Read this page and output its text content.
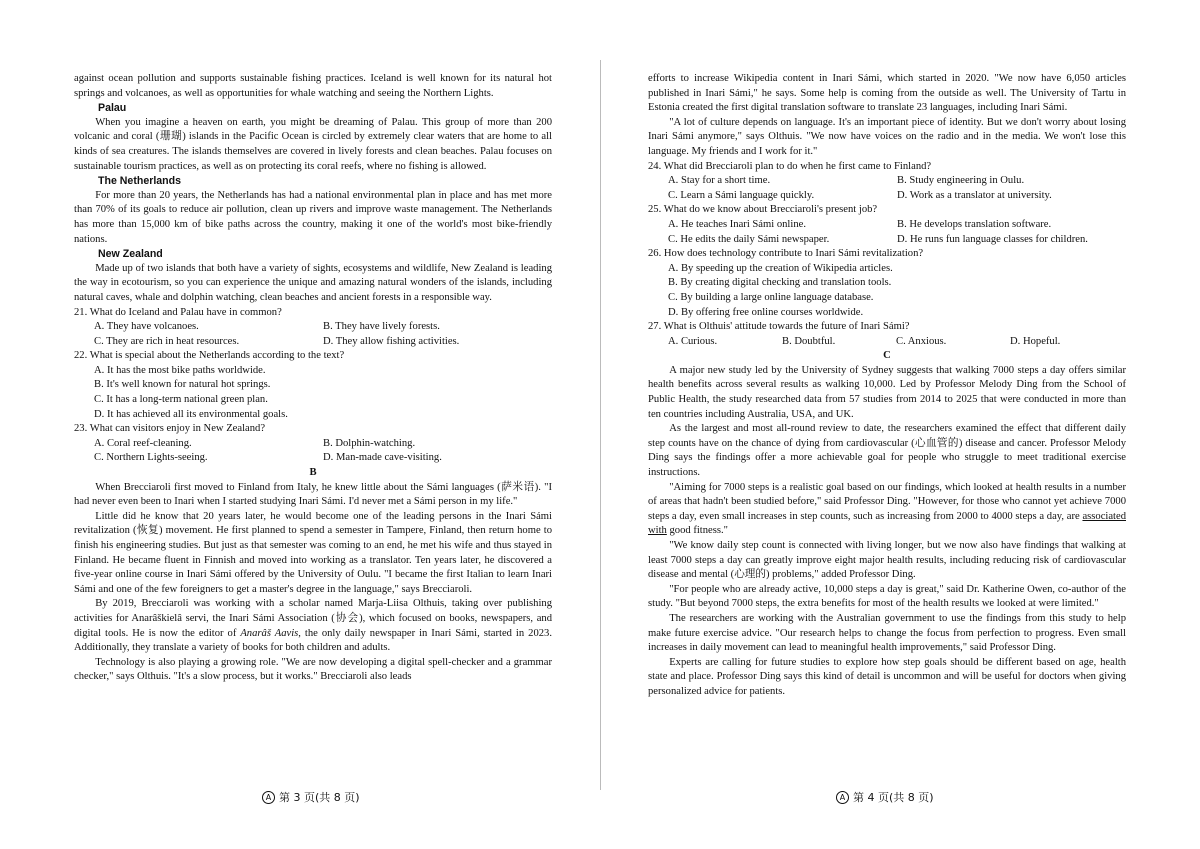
against ocean pollution and supports sustainable fishing practices. Iceland is well known for its natural hot springs and volcanoes, as well as opportunities for whale watching and seeing the Northern Lights.

Palau

When you imagine a heaven on earth, you might be dreaming of Palau. This group of more than 200 volcanic and coral (珊瑚) islands in the Pacific Ocean is circled by extremely clear waters that are home to all kinds of sea creatures. The islands themselves are covered in lively forests and clean beaches. Palau focuses on sustainable tourism practices, as well as on protecting its coral reefs, where no fishing is allowed.

The Netherlands

For more than 20 years, the Netherlands has had a national environmental plan in place and has met more than 70% of its goals to reduce air pollution, clean up rivers and improve waste management. The Netherlands has more than 15,000 km of bike paths across the country, making it one of the world's most bike-friendly nations.

New Zealand

Made up of two islands that both have a variety of sights, ecosystems and wildlife, New Zealand is leading the way in ecotourism, so you can experience the unique and amazing natural wonders of the islands, including natural caves, whale and dolphin watching, clean beaches and ancient forests in a responsible way.

21. What do Iceland and Palau have in common?

A. They have volcanoes.	B. They have lively forests.
C. They are rich in heat resources.	D. They allow fishing activities.

22. What is special about the Netherlands according to the text?

A. It has the most bike paths worldwide.
B. It's well known for natural hot springs.
C. It has a long-term national green plan.
D. It has achieved all its environmental goals.

23. What can visitors enjoy in New Zealand?

A. Coral reef-cleaning.	B. Dolphin-watching.
C. Northern Lights-seeing.	D. Man-made cave-visiting.

B

When Brecciaroli first moved to Finland from Italy, he knew little about the Sámi languages (萨米语). "I had never even been to Inari when I started studying Inari Sámi. I'd never met a Sámi person in my life."

Little did he know that 20 years later, he would become one of the leading persons in the Inari Sámi revitalization (恢复) movement. He first planned to spend a semester in Tampere, Finland, then return home to finish his engineering studies. But just as that semester was coming to an end, he met his wife and thus stayed in Finland. He became fluent in Finnish and moved into working as a translator. Ten years later, he discovered a five-year online course in Inari Sámi offered by the University of Oulu. "I became the first Italian to learn Inari Sámi and one of the few foreigners to get a master's degree in the language," says Brecciaroli.

By 2019, Brecciaroli was working with a scholar named Marja-Liisa Olthuis, taking over publishing activities for Anarâškielâ servi, the Inari Sámi Association (协会), which focused on books, newspapers, and digital tools. He is now the editor of Anarâš Aavis, the only daily newspaper in Inari Sámi, started in 2023. Additionally, they translate a variety of books for both children and adults.

Technology is also playing a growing role. "We are now developing a digital spell-checker and a grammar checker," says Olthuis. "It's a slow process, but it works." Brecciaroli also leads

efforts to increase Wikipedia content in Inari Sámi, which started in 2020. "We now have 6,050 articles published in Inari Sámi," he says. Some help is coming from the outside as well. The University of Tartu in Estonia created the first digital translation software to translate 23 languages, including Inari Sámi.

"A lot of culture depends on language. It's an important piece of identity. But we don't worry about losing Inari Sámi anymore," says Olthuis. "We now have voices on the radio and in the media. We won't lose this language. My friends and I work for it."

24. What did Brecciaroli plan to do when he first came to Finland?

A. Stay for a short time.	B. Study engineering in Oulu.
C. Learn a Sámi language quickly.	D. Work as a translator at university.

25. What do we know about Brecciaroli's present job?

A. He teaches Inari Sámi online.	B. He develops translation software.
C. He edits the daily Sámi newspaper.	D. He runs fun language classes for children.

26. How does technology contribute to Inari Sámi revitalization?

A. By speeding up the creation of Wikipedia articles.
B. By creating digital checking and translation tools.
C. By building a large online language database.
D. By offering free online courses worldwide.

27. What is Olthuis' attitude towards the future of Inari Sámi?

A. Curious.	B. Doubtful.	C. Anxious.	D. Hopeful.

C

A major new study led by the University of Sydney suggests that walking 7000 steps a day offers similar health benefits across several results as walking 10,000. Led by Professor Melody Ding from the School of Public Health, the study researched data from 57 studies from 2014 to 2025 that were conducted in more than ten countries including Australia, USA, and UK.

As the largest and most all-round review to date, the researchers examined the effect that different daily step counts have on the chance of dying from cardiovascular (心血管的) disease and cancer. Professor Melody Ding says the findings offer a more achievable goal for people who struggle to meet traditional exercise instructions.

"Aiming for 7000 steps is a realistic goal based on our findings, which looked at health results in a number of areas that hadn't been studied before," said Professor Ding. "However, for those who cannot yet achieve 7000 steps a day, even small increases in step counts, such as increasing from 2000 to 4000 steps a day, are associated with good fitness."

"We know daily step count is connected with living longer, but we now also have findings that walking at least 7000 steps a day can greatly improve eight major health results, including reducing risk of cardiovascular disease and mental (心理的) problems," added Professor Ding.

"For people who are already active, 10,000 steps a day is great," said Dr. Katherine Owen, co-author of the study. "But beyond 7000 steps, the extra benefits for most of the health results we looked at were limited."

The researchers are working with the Australian government to use the findings from this study to help make future exercise advice. "Our research helps to change the focus from perfection to progress. Even small increases in daily movement can lead to meaningful health improvements," said Professor Ding.

Experts are calling for future studies to explore how step goals should be different based on age, health state and place. Professor Ding says this kind of detail is uncommon and will be useful for doctors when giving personalized advice for patients.

A 第 3 页(共 8 页)	A 第 4 页(共 8 页)
